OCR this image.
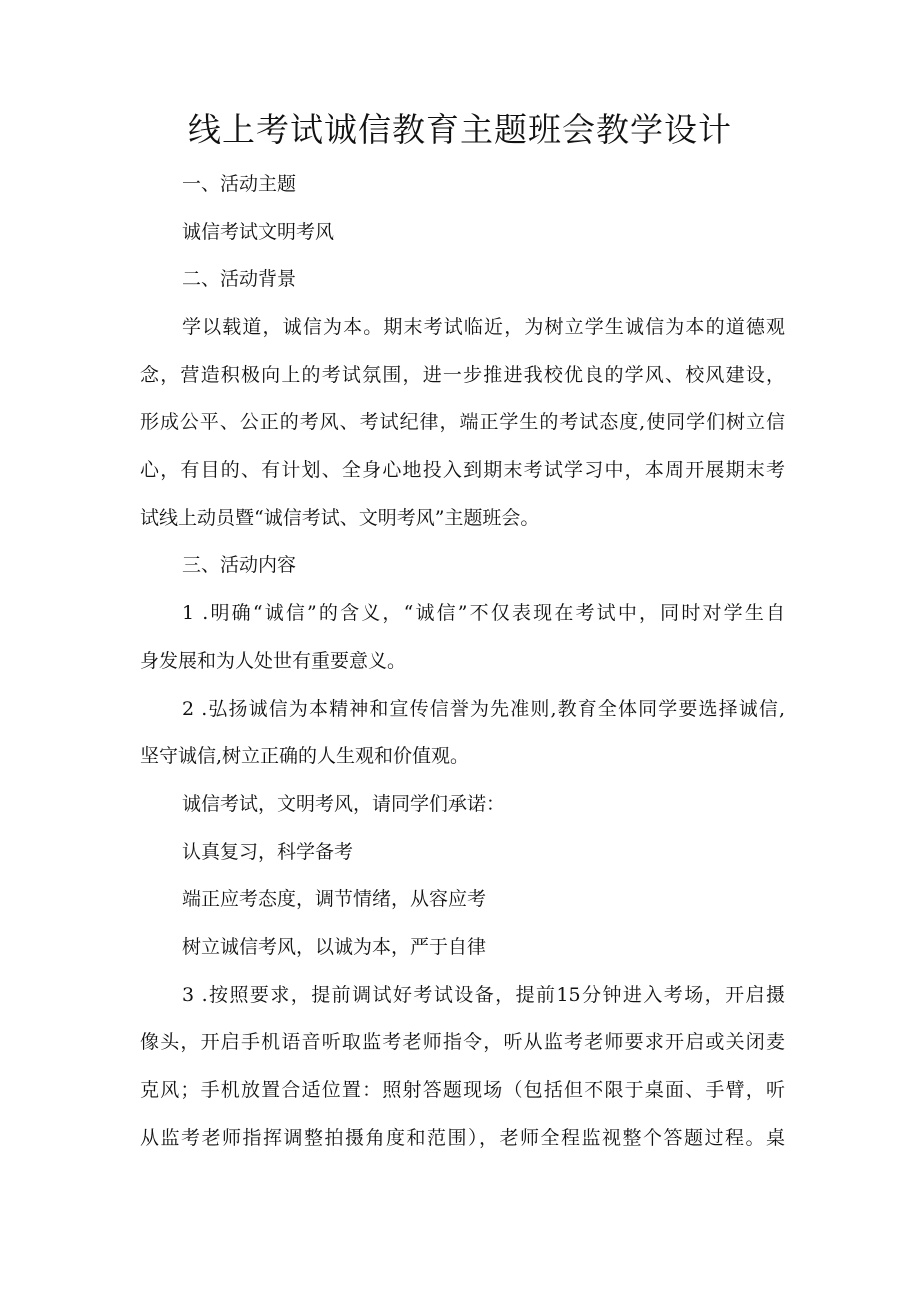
线上考试诚信教育主题班会教学设计

一、活动主题

诚信考试文明考风

二、活动背景

学以载道，诚信为本。期末考试临近，为树立学生诚信为本的道德观

念，营造积极向上的考试氛围，进一步推进我校优良的学风、校风建设，

形成公平、公正的考风、考试纪律，端正学生的考试态度,使同学们树立信

心，有目的、有计划、全身心地投入到期末考试学习中，本周开展期末考

试线上动员暨“诚信考试、文明考风”主题班会。

三、活动内容

1 .明确“诚信”的含义，“诚信”不仅表现在考试中，同时对学生自

身发展和为人处世有重要意义。

2 .弘扬诚信为本精神和宣传信誉为先准则,教育全体同学要选择诚信,

坚守诚信,树立正确的人生观和价值观。

诚信考试，文明考风，请同学们承诺：

认真复习，科学备考

端正应考态度，调节情绪，从容应考

树立诚信考风，以诚为本，严于自律

3 .按照要求，提前调试好考试设备，提前15分钟进入考场，开启摄

像头，开启手机语音听取监考老师指令，听从监考老师要求开启或关闭麦

克风；手机放置合适位置：照射答题现场（包括但不限于桌面、手臂，听

从监考老师指挥调整拍摄角度和范围），老师全程监视整个答题过程。桌
